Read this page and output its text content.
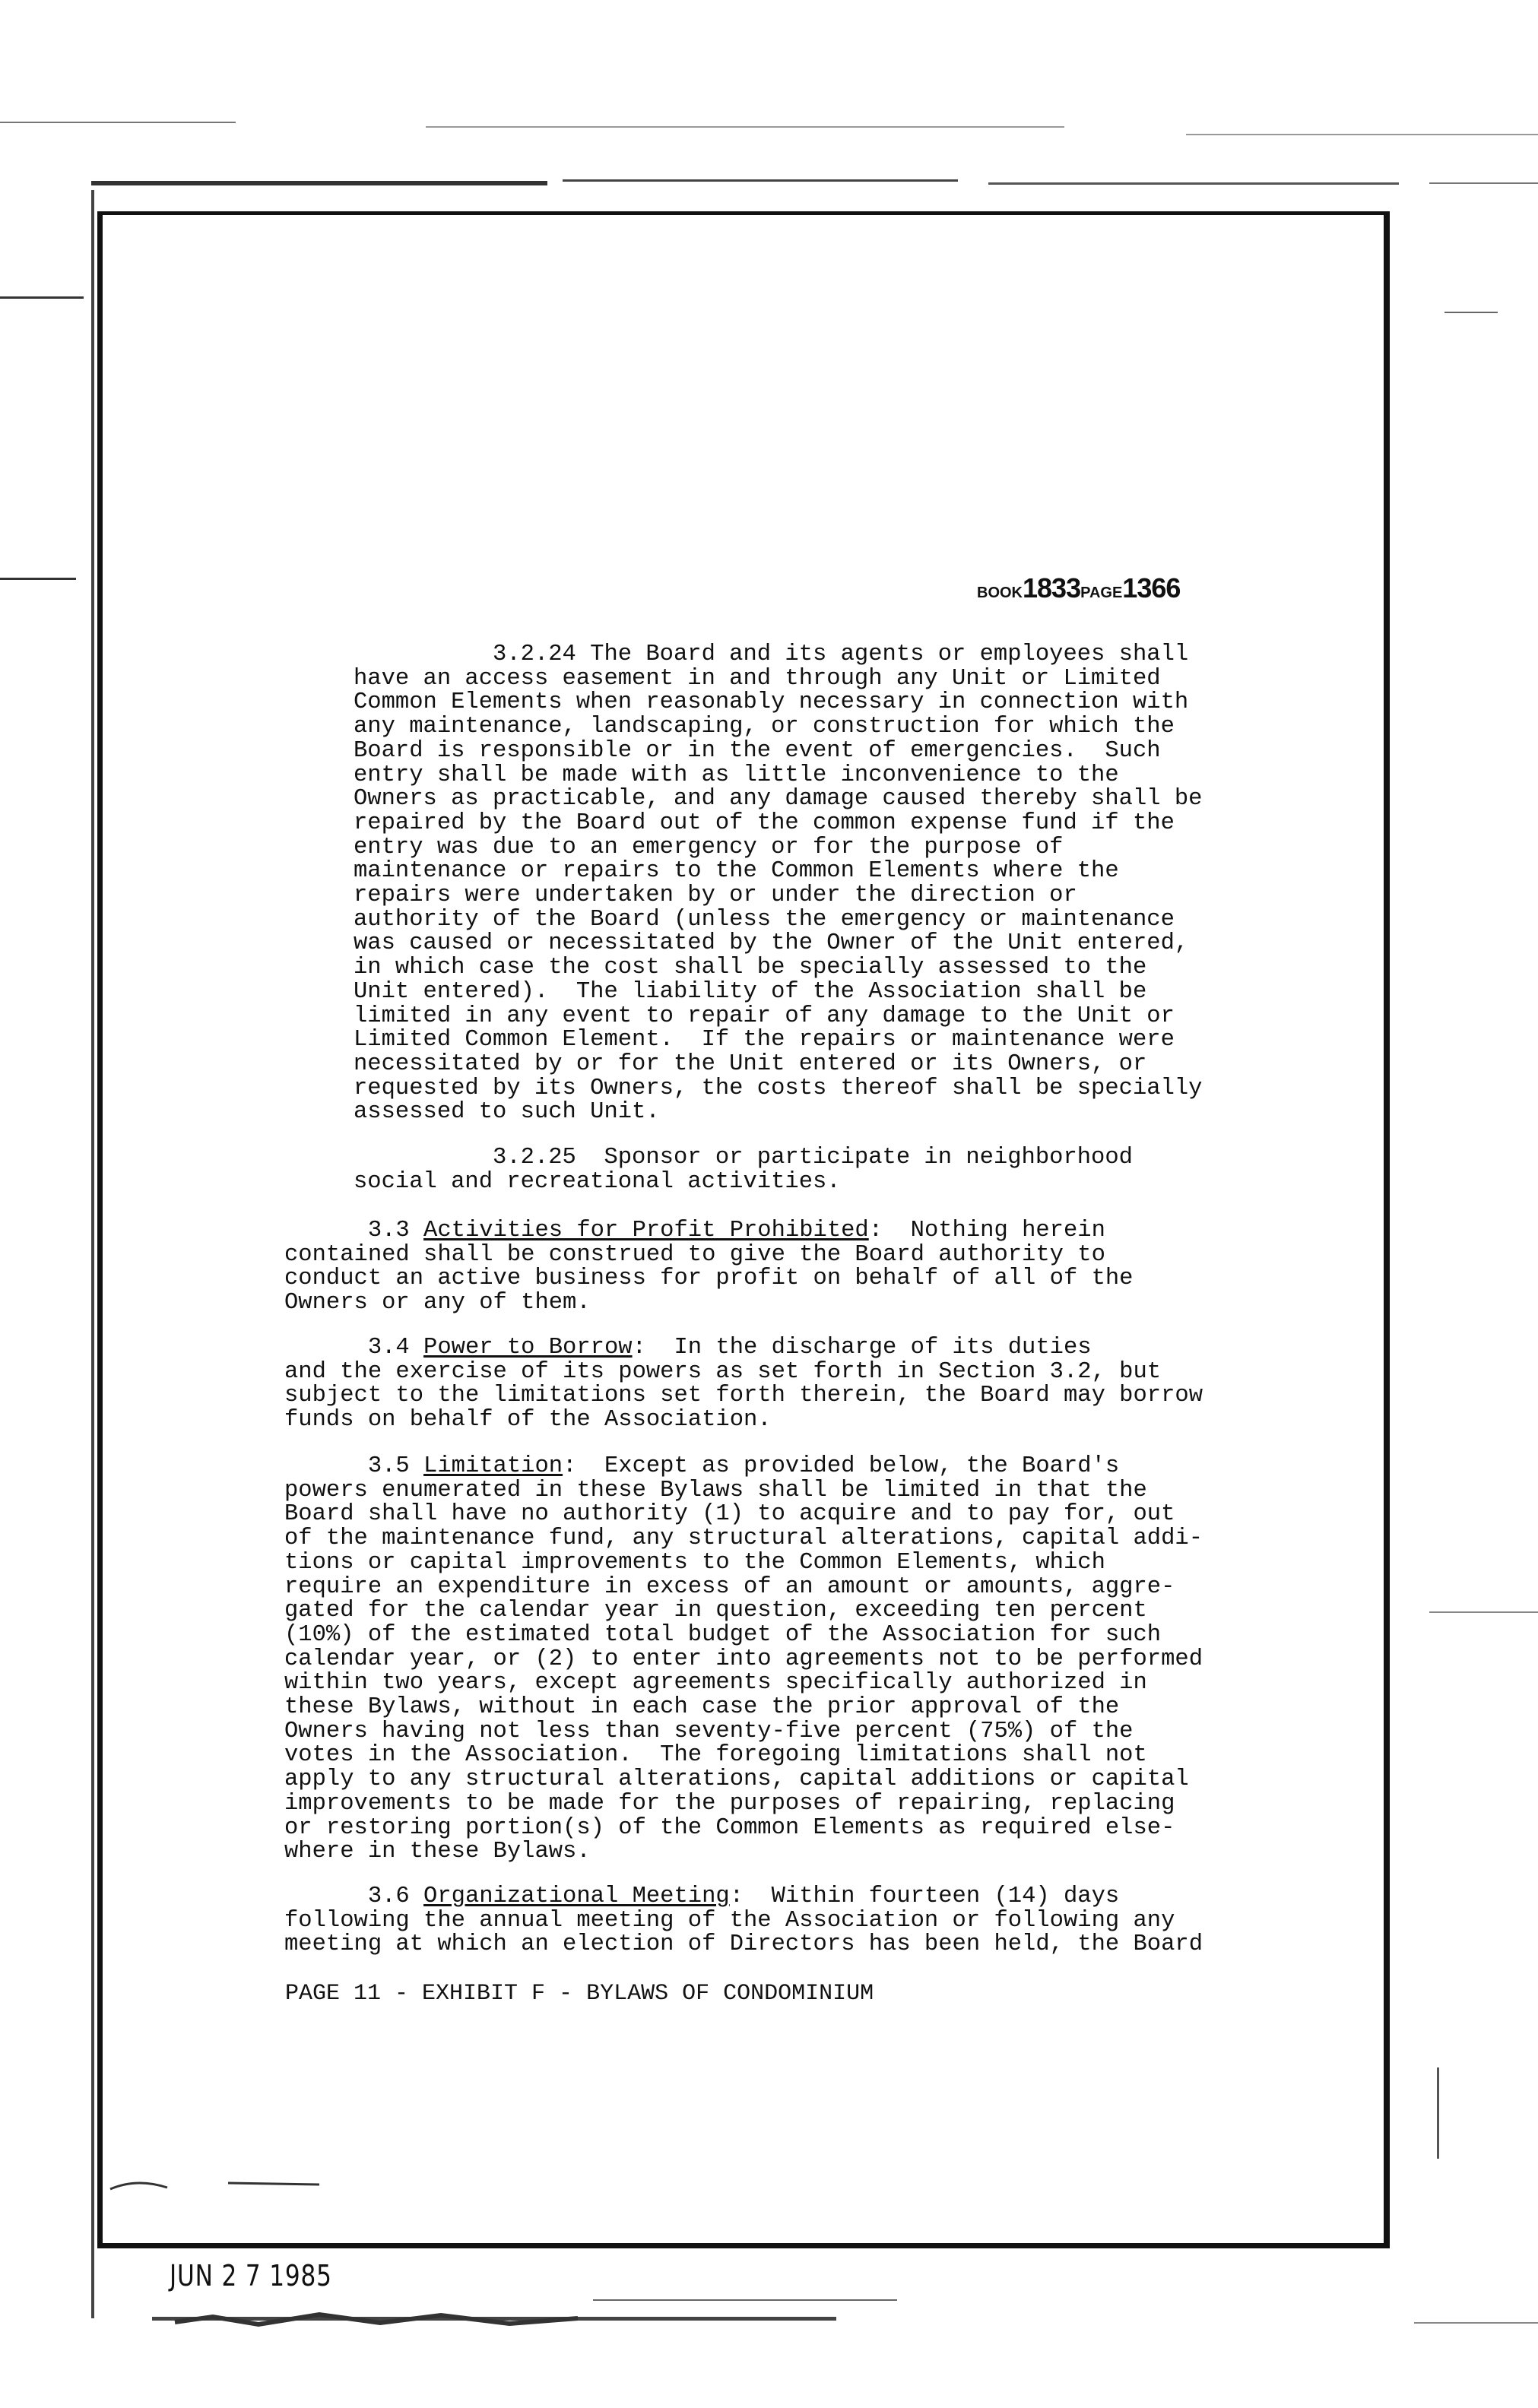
BOOK1833PAGE1366
3.2.24 The Board and its agents or employees shall
have an access easement in and through any Unit or Limited
Common Elements when reasonably necessary in connection with
any maintenance, landscaping, or construction for which the
Board is responsible or in the event of emergencies.  Such
entry shall be made with as little inconvenience to the
Owners as practicable, and any damage caused thereby shall be
repaired by the Board out of the common expense fund if the
entry was due to an emergency or for the purpose of
maintenance or repairs to the Common Elements where the
repairs were undertaken by or under the direction or
authority of the Board (unless the emergency or maintenance
was caused or necessitated by the Owner of the Unit entered,
in which case the cost shall be specially assessed to the
Unit entered).  The liability of the Association shall be
limited in any event to repair of any damage to the Unit or
Limited Common Element.  If the repairs or maintenance were
necessitated by or for the Unit entered or its Owners, or
requested by its Owners, the costs thereof shall be specially
assessed to such Unit.
3.2.25  Sponsor or participate in neighborhood
social and recreational activities.
3.3 Activities for Profit Prohibited:  Nothing herein
contained shall be construed to give the Board authority to
conduct an active business for profit on behalf of all of the
Owners or any of them.
3.4 Power to Borrow:  In the discharge of its duties
and the exercise of its powers as set forth in Section 3.2, but
subject to the limitations set forth therein, the Board may borrow
funds on behalf of the Association.
3.5 Limitation:  Except as provided below, the Board's
powers enumerated in these Bylaws shall be limited in that the
Board shall have no authority (1) to acquire and to pay for, out
of the maintenance fund, any structural alterations, capital addi-
tions or capital improvements to the Common Elements, which
require an expenditure in excess of an amount or amounts, aggre-
gated for the calendar year in question, exceeding ten percent
(10%) of the estimated total budget of the Association for such
calendar year, or (2) to enter into agreements not to be performed
within two years, except agreements specifically authorized in
these Bylaws, without in each case the prior approval of the
Owners having not less than seventy-five percent (75%) of the
votes in the Association.  The foregoing limitations shall not
apply to any structural alterations, capital additions or capital
improvements to be made for the purposes of repairing, replacing
or restoring portion(s) of the Common Elements as required else-
where in these Bylaws.
3.6 Organizational Meeting:  Within fourteen (14) days
following the annual meeting of the Association or following any
meeting at which an election of Directors has been held, the Board
PAGE 11 - EXHIBIT F - BYLAWS OF CONDOMINIUM
JUN 2 7 1985
